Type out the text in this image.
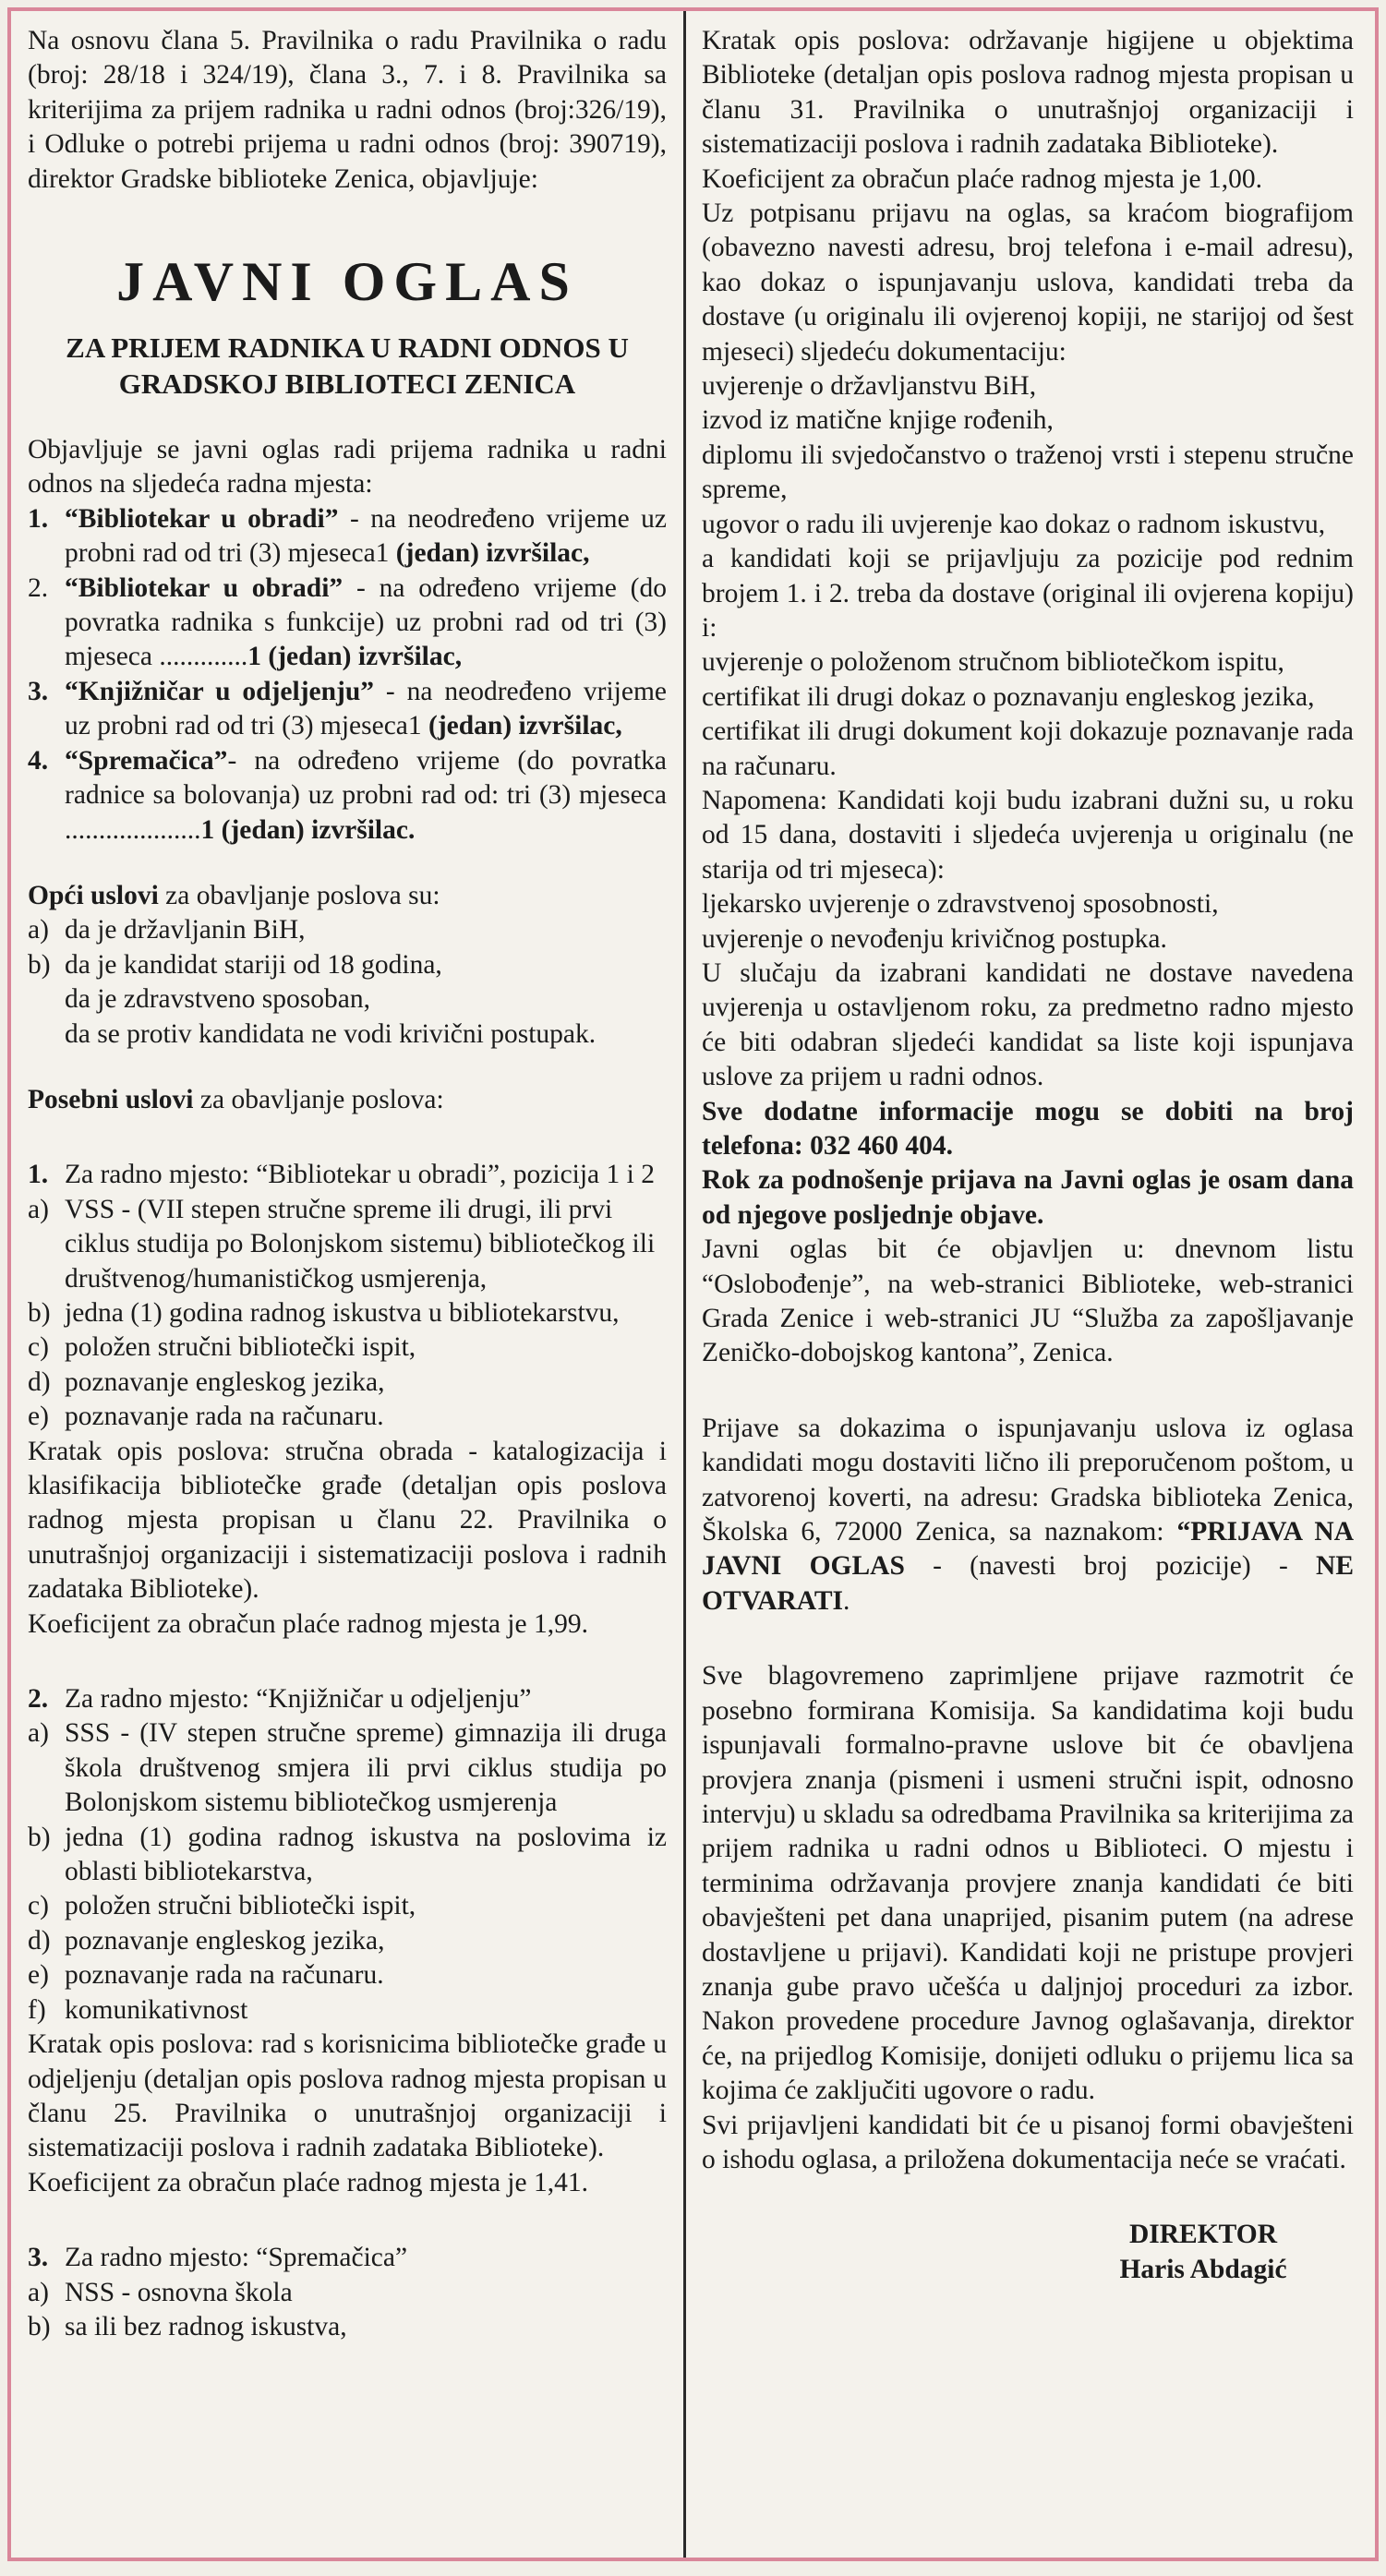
Na osnovu člana 5. Pravilnika o radu Pravilnika o radu (broj: 28/18 i 324/19), člana 3., 7. i 8. Pravilnika sa kriterijima za prijem radnika u radni odnos (broj:326/19), i Odluke o potrebi prijema u radni odnos (broj: 390719), direktor Gradske biblioteke Zenica, objavljuje:

JAVNI OGLAS
ZA PRIJEM RADNIKA U RADNI ODNOS U GRADSKOJ BIBLIOTECI ZENICA

Objavljuje se javni oglas radi prijema radnika u radni odnos na sljedeća radna mjesta:

1. “Bibliotekar u obradi” - na neodređeno vrijeme uz probni rad od tri (3) mjeseca1 (jedan) izvršilac,
2. “Bibliotekar u obradi” - na određeno vrijeme (do povratka radnika s funkcije) uz probni rad od tri (3) mjeseca .............1 (jedan) izvršilac,
3. “Knjižničar u odjeljenju” - na neodređeno vrijeme uz probni rad od tri (3) mjeseca1 (jedan) izvršilac,
4. “Spremačica”- na određeno vrijeme (do povratka radnice sa bolovanja) uz probni rad od: tri (3) mjeseca ....................1 (jedan) izvršilac.

Opći uslovi za obavljanje poslova su:

a) da je državljanin BiH,
b) da je kandidat stariji od 18 godina,
da je zdravstveno sposoban,
da se protiv kandidata ne vodi krivični postupak.

Posebni uslovi za obavljanje poslova:

1. Za radno mjesto: “Bibliotekar u obradi”, pozicija 1 i 2
a) VSS - (VII stepen stručne spreme ili drugi, ili prvi ciklus studija po Bolonjskom sistemu) bibliotečkog ili društvenog/humanističkog usmjerenja,
b) jedna (1) godina radnog iskustva u bibliotekarstvu,
c) položen stručni bibliotečki ispit,
d) poznavanje engleskog jezika,
e) poznavanje rada na računaru.

Kratak opis poslova: stručna obrada - katalogizacija i klasifikacija bibliotečke građe (detaljan opis poslova radnog mjesta propisan u članu 22. Pravilnika o unutrašnjoj organizaciji i sistematizaciji poslova i radnih zadataka Biblioteke).

Koeficijent za obračun plaće radnog mjesta je 1,99.

2. Za radno mjesto: “Knjižničar u odjeljenju”
a) SSS - (IV stepen stručne spreme) gimnazija ili druga škola društvenog smjera ili prvi ciklus studija po Bolonjskom sistemu bibliotečkog usmjerenja
b) jedna (1) godina radnog iskustva na poslovima iz oblasti bibliotekarstva,
c) položen stručni bibliotečki ispit,
d) poznavanje engleskog jezika,
e) poznavanje rada na računaru.
f) komunikativnost

Kratak opis poslova: rad s korisnicima bibliotečke građe u odjeljenju (detaljan opis poslova radnog mjesta propisan u članu 25. Pravilnika o unutrašnjoj organizaciji i sistematizaciji poslova i radnih zadataka Biblioteke).

Koeficijent za obračun plaće radnog mjesta je 1,41.

3. Za radno mjesto: “Spremačica”
a) NSS - osnovna škola
b) sa ili bez radnog iskustva,

Kratak opis poslova: održavanje higijene u objektima Biblioteke (detaljan opis poslova radnog mjesta propisan u članu 31. Pravilnika o unutrašnjoj organizaciji i sistematizaciji poslova i radnih zadataka Biblioteke).

Koeficijent za obračun plaće radnog mjesta je 1,00.

Uz potpisanu prijavu na oglas, sa kraćom biografijom (obavezno navesti adresu, broj telefona i e-mail adresu), kao dokaz o ispunjavanju uslova, kandidati treba da dostave (u originalu ili ovjerenoj kopiji, ne starijoj od šest mjeseci) sljedeću dokumentaciju:

uvjerenje o državljanstvu BiH,

izvod iz matične knjige rođenih,

diplomu ili svjedočanstvo o traženoj vrsti i stepenu stručne spreme,

ugovor o radu ili uvjerenje kao dokaz o radnom iskustvu,

a kandidati koji se prijavljuju za pozicije pod rednim brojem 1. i 2. treba da dostave (original ili ovjerena kopiju) i:

uvjerenje o položenom stručnom bibliotečkom ispitu,

certifikat ili drugi dokaz o poznavanju engleskog jezika,

certifikat ili drugi dokument koji dokazuje poznavanje rada na računaru.

Napomena: Kandidati koji budu izabrani dužni su, u roku od 15 dana, dostaviti i sljedeća uvjerenja u originalu (ne starija od tri mjeseca):

ljekarsko uvjerenje o zdravstvenoj sposobnosti,

uvjerenje o nevođenju krivičnog postupka.

U slučaju da izabrani kandidati ne dostave navedena uvjerenja u ostavljenom roku, za predmetno radno mjesto će biti odabran sljedeći kandidat sa liste koji ispunjava uslove za prijem u radni odnos.

Sve dodatne informacije mogu se dobiti na broj telefona: 032 460 404.

Rok za podnošenje prijava na Javni oglas je osam dana od njegove posljednje objave.

Javni oglas bit će objavljen u: dnevnom listu “Oslobođenje”, na web-stranici Biblioteke, web-stranici Grada Zenice i web-stranici JU “Služba za zapošljavanje Zeničko-dobojskog kantona”, Zenica.

Prijave sa dokazima o ispunjavanju uslova iz oglasa kandidati mogu dostaviti lično ili preporučenom poštom, u zatvorenoj koverti, na adresu: Gradska biblioteka Zenica, Školska 6, 72000 Zenica, sa naznakom: “PRIJAVA NA JAVNI OGLAS - (navesti broj pozicije) - NE OTVARATI.

Sve blagovremeno zaprimljene prijave razmotrit će posebno formirana Komisija. Sa kandidatima koji budu ispunjavali formalno-pravne uslove bit će obavljena provjera znanja (pismeni i usmeni stručni ispit, odnosno intervju) u skladu sa odredbama Pravilnika sa kriterijima za prijem radnika u radni odnos u Biblioteci. O mjestu i terminima održavanja provjere znanja kandidati će biti obavješteni pet dana unaprijed, pisanim putem (na adrese dostavljene u prijavi). Kandidati koji ne pristupe provjeri znanja gube pravo učešća u daljnjoj proceduri za izbor. Nakon provedene procedure Javnog oglašavanja, direktor će, na prijedlog Komisije, donijeti odluku o prijemu lica sa kojima će zaključiti ugovore o radu.

Svi prijavljeni kandidati bit će u pisanoj formi obavješteni o ishodu oglasa, a priložena dokumentacija neće se vraćati.

DIREKTOR
Haris Abdagić
